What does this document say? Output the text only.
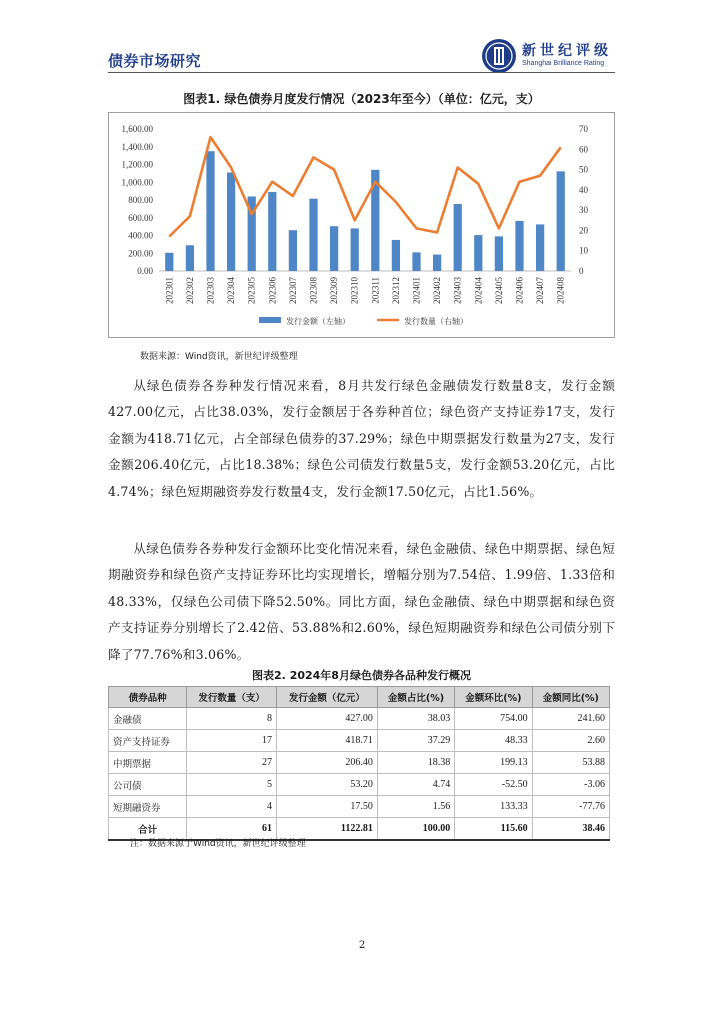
债券市场研究
新世纪评级
Shanghai Brilliance Rating
图表1. 绿色债券月度发行情况（2023年至今）（单位：亿元，支）
0.00
200.00
400.00
600.00
800.00
1,000.00
1,200.00
1,400.00
1,600.00
0
10
20
30
40
50
60
70
202301 202302 202303 202304 202305 202306 202307 202308 202309 202310 202311 202312 202401 202402 202403 202404 202405 202406 202407 202408
发行金额（左轴）	发行数量（右轴）
数据来源：Wind资讯，新世纪评级整理
从绿色债券各券种发行情况来看，8月共发行绿色金融债发行数量8支，发行金额427.00亿元，占比38.03%，发行金额居于各券种首位；绿色资产支持证券17支，发行金额为418.71亿元，占全部绿色债券的37.29%；绿色中期票据发行数量为27支，发行金额206.40亿元，占比18.38%；绿色公司债发行数量5支，发行金额53.20亿元，占比4.74%；绿色短期融资券发行数量4支，发行金额17.50亿元，占比1.56%。
从绿色债券各券种发行金额环比变化情况来看，绿色金融债、绿色中期票据、绿色短期融资券和绿色资产支持证券环比均实现增长，增幅分别为7.54倍、1.99倍、1.33倍和48.33%，仅绿色公司债下降52.50%。同比方面，绿色金融债、绿色中期票据和绿色资产支持证券分别增长了2.42倍、53.88%和2.60%，绿色短期融资券和绿色公司债分别下降了77.76%和3.06%。
图表2. 2024年8月绿色债券各品种发行概况
债券品种	发行数量（支）	发行金额（亿元）	金额占比(%)	金额环比(%)	金额同比(%)
金融债	8	427.00	38.03	754.00	241.60
资产支持证券	17	418.71	37.29	48.33	2.60
中期票据	27	206.40	18.38	199.13	53.88
公司债	5	53.20	4.74	-52.50	-3.06
短期融资券	4	17.50	1.56	133.33	-77.76
合计	61	1122.81	100.00	115.60	38.46
注：数据来源于Wind资讯，新世纪评级整理
2
